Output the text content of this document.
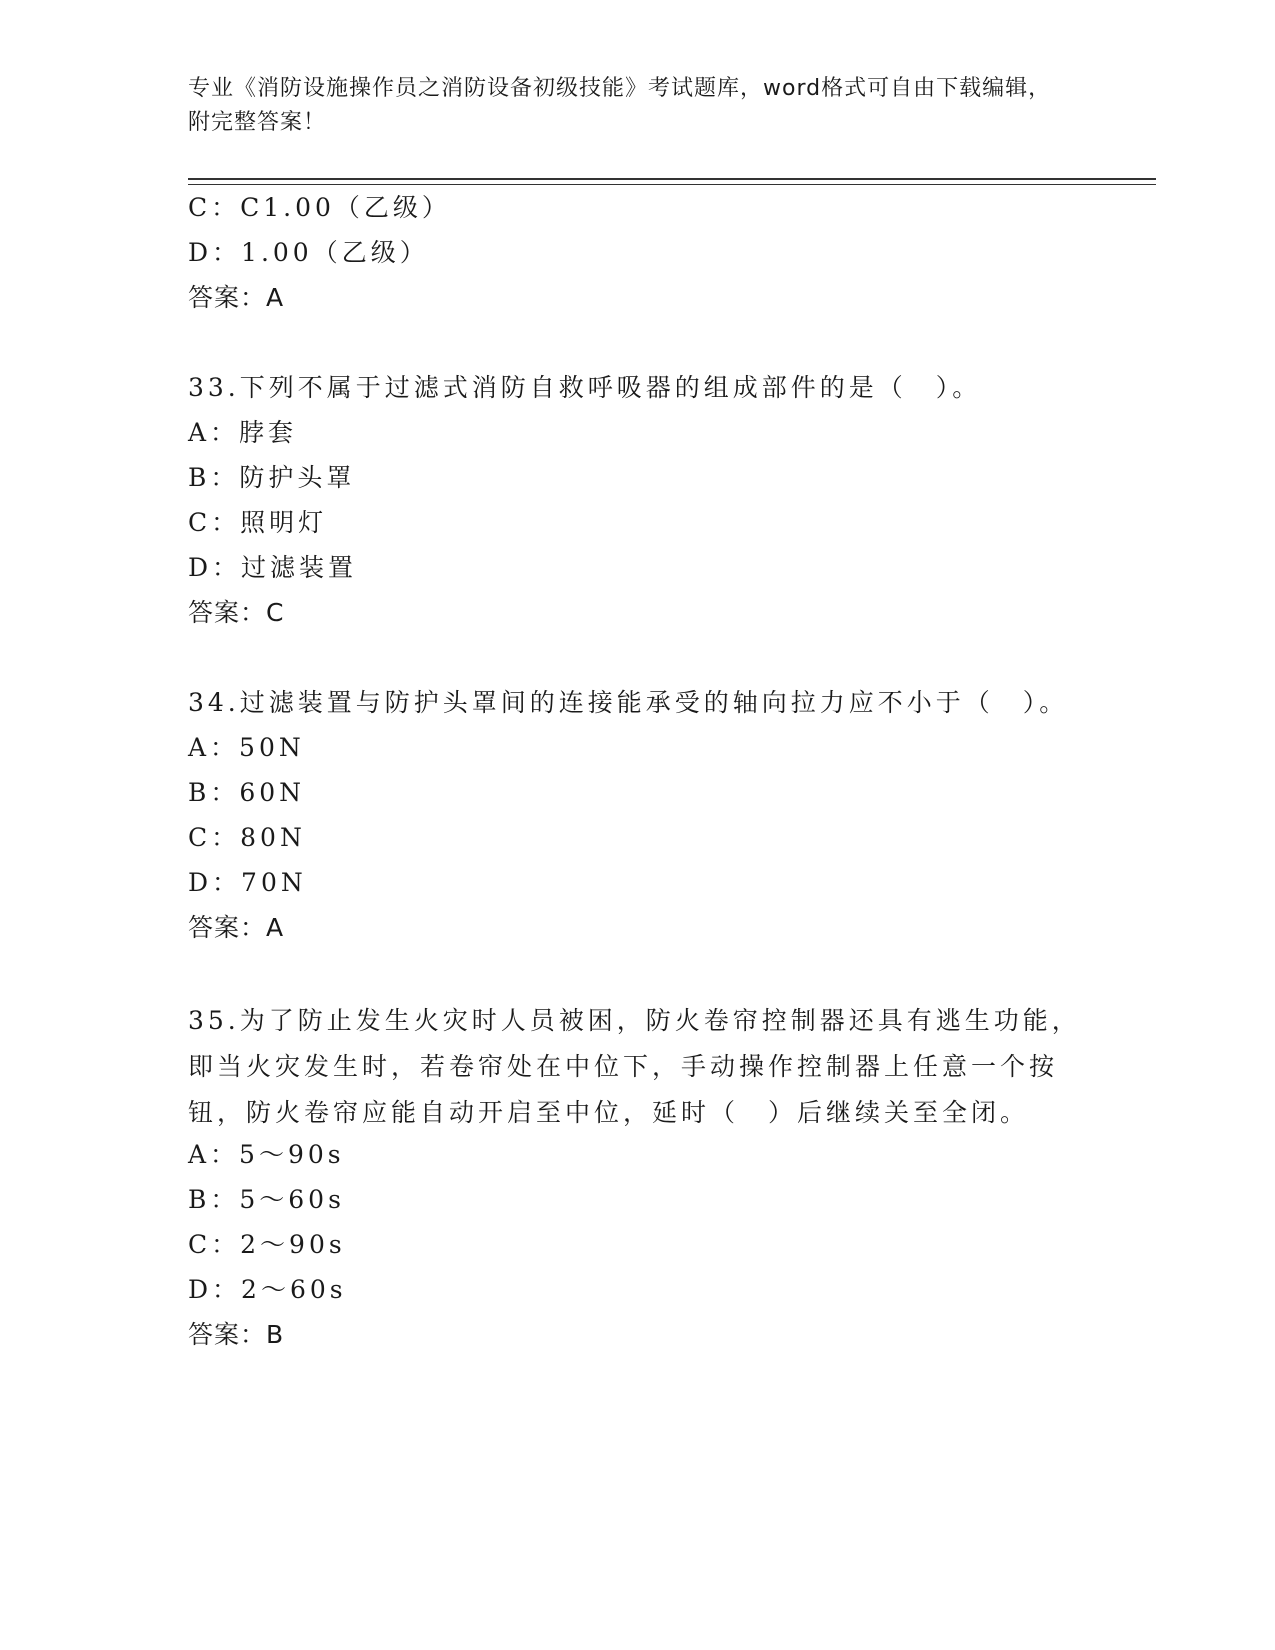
专业《消防设施操作员之消防设备初级技能》考试题库，word格式可自由下载编辑，附完整答案！
C：C1.00（乙级）
D：1.00（乙级）
答案：A
33.下列不属于过滤式消防自救呼吸器的组成部件的是（　）。
A：脖套
B：防护头罩
C：照明灯
D：过滤装置
答案：C
34.过滤装置与防护头罩间的连接能承受的轴向拉力应不小于（　）。
A：50N
B：60N
C：80N
D：70N
答案：A
35.为了防止发生火灾时人员被困，防火卷帘控制器还具有逃生功能，即当火灾发生时，若卷帘处在中位下，手动操作控制器上任意一个按钮，防火卷帘应能自动开启至中位，延时（　）后继续关至全闭。
A：5～90s
B：5～60s
C：2～90s
D：2～60s
答案：B
